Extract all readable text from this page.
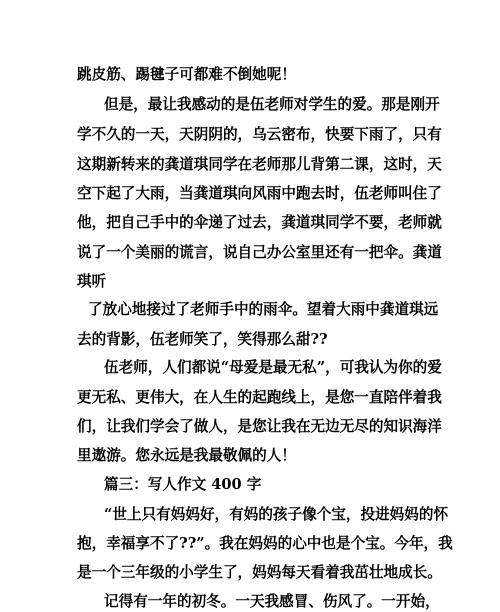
跳皮筋、踢毽子可都难不倒她呢！
但是，最让我感动的是伍老师对学生的爱。那是刚开
学不久的一天，天阴阴的，乌云密布，快要下雨了，只有
这期新转来的龚道琪同学在老师那儿背第二课，这时，天
空下起了大雨，当龚道琪向风雨中跑去时，伍老师叫住了
他，把自己手中的伞递了过去，龚道琪同学不要，老师就
说了一个美丽的谎言，说自己办公室里还有一把伞。龚道
琪听
了放心地接过了老师手中的雨伞。望着大雨中龚道琪远
去的背影，伍老师笑了，笑得那么甜??
伍老师，人们都说“母爱是最无私”，可我认为你的爱
更无私、更伟大，在人生的起跑线上，是您一直陪伴着我
们，让我们学会了做人，是您让我在无边无尽的知识海洋
里遨游。您永远是我最敬佩的人！
篇三：写人作文 400 字
“世上只有妈妈好，有妈的孩子像个宝，投进妈妈的怀
抱，幸福享不了??”。我在妈妈的心中也是个宝。今年，我
是一个三年级的小学生了，妈妈每天看着我茁壮地成长。
记得有一年的初冬。一天我感冒、伤风了。一开始，
